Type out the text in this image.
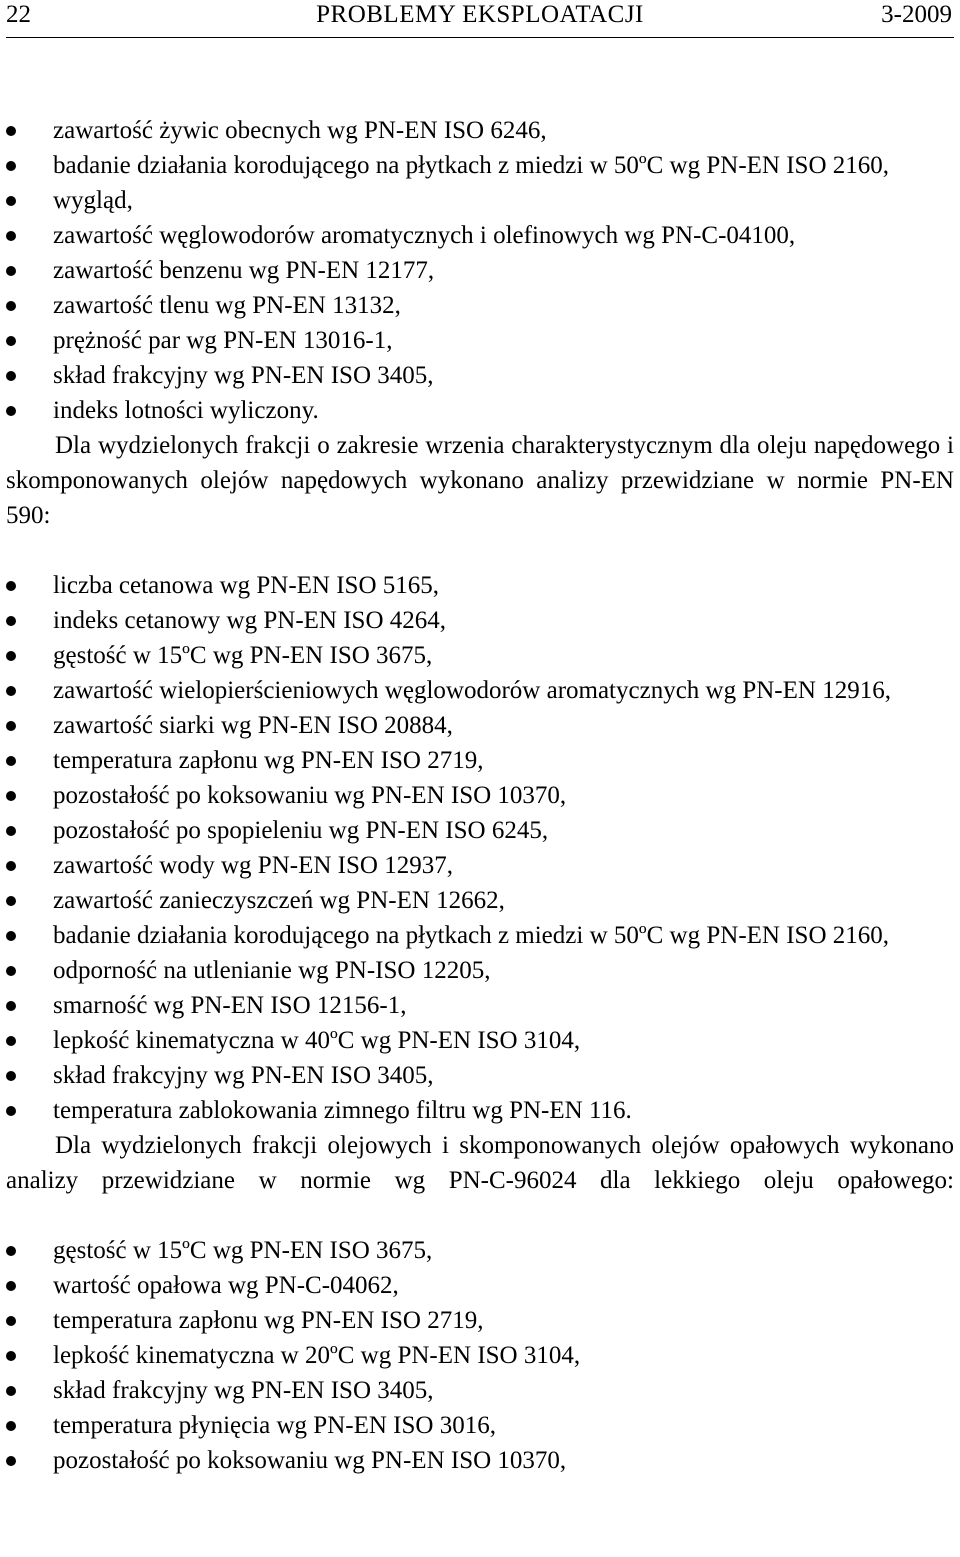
22	PROBLEMY EKSPLOATACJI	3-2009
zawartość żywic obecnych wg PN-EN ISO 6246,
badanie działania korodującego na płytkach z miedzi w 50ºC wg PN-EN ISO 2160,
wygląd,
zawartość węglowodorów aromatycznych i olefinowych wg PN-C-04100,
zawartość benzenu wg PN-EN 12177,
zawartość tlenu wg PN-EN 13132,
prężność par wg PN-EN 13016-1,
skład frakcyjny wg PN-EN ISO 3405,
indeks lotności wyliczony.

Dla wydzielonych frakcji o zakresie wrzenia charakterystycznym dla oleju napędowego i skomponowanych olejów napędowych wykonano analizy przewidziane w normie PN-EN 590:

liczba cetanowa wg PN-EN ISO 5165,
indeks cetanowy wg PN-EN ISO 4264,
gęstość w 15ºC wg PN-EN ISO 3675,
zawartość wielopierścieniowych węglowodorów aromatycznych wg PN-EN 12916,
zawartość siarki wg PN-EN ISO 20884,
temperatura zapłonu wg PN-EN ISO 2719,
pozostałość po koksowaniu wg PN-EN ISO 10370,
pozostałość po spopieleniu wg PN-EN ISO 6245,
zawartość wody wg PN-EN ISO 12937,
zawartość zanieczyszczeń wg PN-EN 12662,
badanie działania korodującego na płytkach z miedzi w 50ºC wg PN-EN ISO 2160,
odporność na utlenianie wg PN-ISO 12205,
smarność wg PN-EN ISO 12156-1,
lepkość kinematyczna w 40ºC wg PN-EN ISO 3104,
skład frakcyjny wg PN-EN ISO 3405,
temperatura zablokowania zimnego filtru wg PN-EN 116.

Dla wydzielonych frakcji olejowych i skomponowanych olejów opałowych wykonano analizy przewidziane w normie wg PN-C-96024 dla lekkiego oleju opałowego:

gęstość w 15ºC wg PN-EN ISO 3675,
wartość opałowa wg PN-C-04062,
temperatura zapłonu wg PN-EN ISO 2719,
lepkość kinematyczna w 20ºC wg PN-EN ISO 3104,
skład frakcyjny wg PN-EN ISO 3405,
temperatura płynięcia wg PN-EN ISO 3016,
pozostałość po koksowaniu wg PN-EN ISO 10370,
